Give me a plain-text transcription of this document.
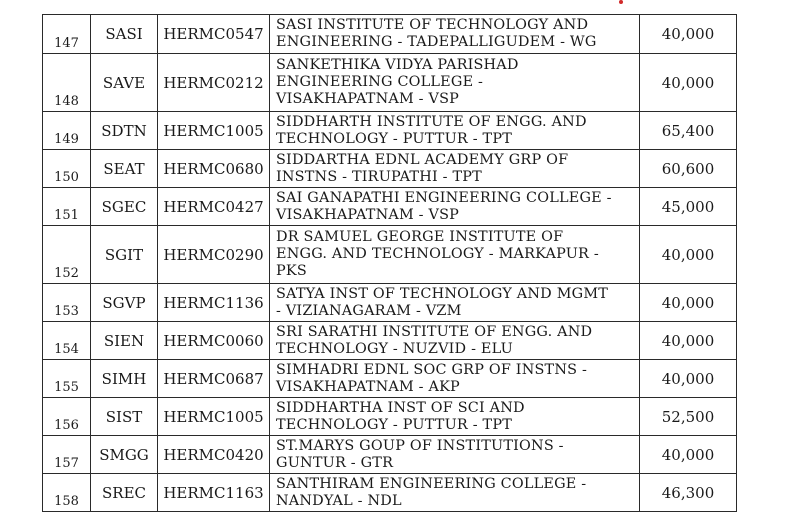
147	SASI	HERMC0547	SASI INSTITUTE OF TECHNOLOGY AND
ENGINEERING - TADEPALLIGUDEM - WG	40,000
148	SAVE	HERMC0212	SANKETHIKA VIDYA PARISHAD
ENGINEERING COLLEGE -
VISAKHAPATNAM - VSP	40,000
149	SDTN	HERMC1005	SIDDHARTH INSTITUTE OF ENGG. AND
TECHNOLOGY - PUTTUR - TPT	65,400
150	SEAT	HERMC0680	SIDDARTHA EDNL ACADEMY GRP OF
INSTNS - TIRUPATHI - TPT	60,600
151	SGEC	HERMC0427	SAI GANAPATHI ENGINEERING COLLEGE -
VISAKHAPATNAM - VSP	45,000
152	SGIT	HERMC0290	DR SAMUEL GEORGE INSTITUTE OF
ENGG. AND TECHNOLOGY - MARKAPUR -
PKS	40,000
153	SGVP	HERMC1136	SATYA INST OF TECHNOLOGY AND MGMT
- VIZIANAGARAM - VZM	40,000
154	SIEN	HERMC0060	SRI SARATHI INSTITUTE OF ENGG. AND
TECHNOLOGY - NUZVID - ELU	40,000
155	SIMH	HERMC0687	SIMHADRI EDNL SOC GRP OF INSTNS -
VISAKHAPATNAM - AKP	40,000
156	SIST	HERMC1005	SIDDHARTHA INST OF SCI AND
TECHNOLOGY - PUTTUR - TPT	52,500
157	SMGG	HERMC0420	ST.MARYS GOUP OF INSTITUTIONS -
GUNTUR - GTR	40,000
158	SREC	HERMC1163	SANTHIRAM ENGINEERING COLLEGE -
NANDYAL - NDL	46,300
